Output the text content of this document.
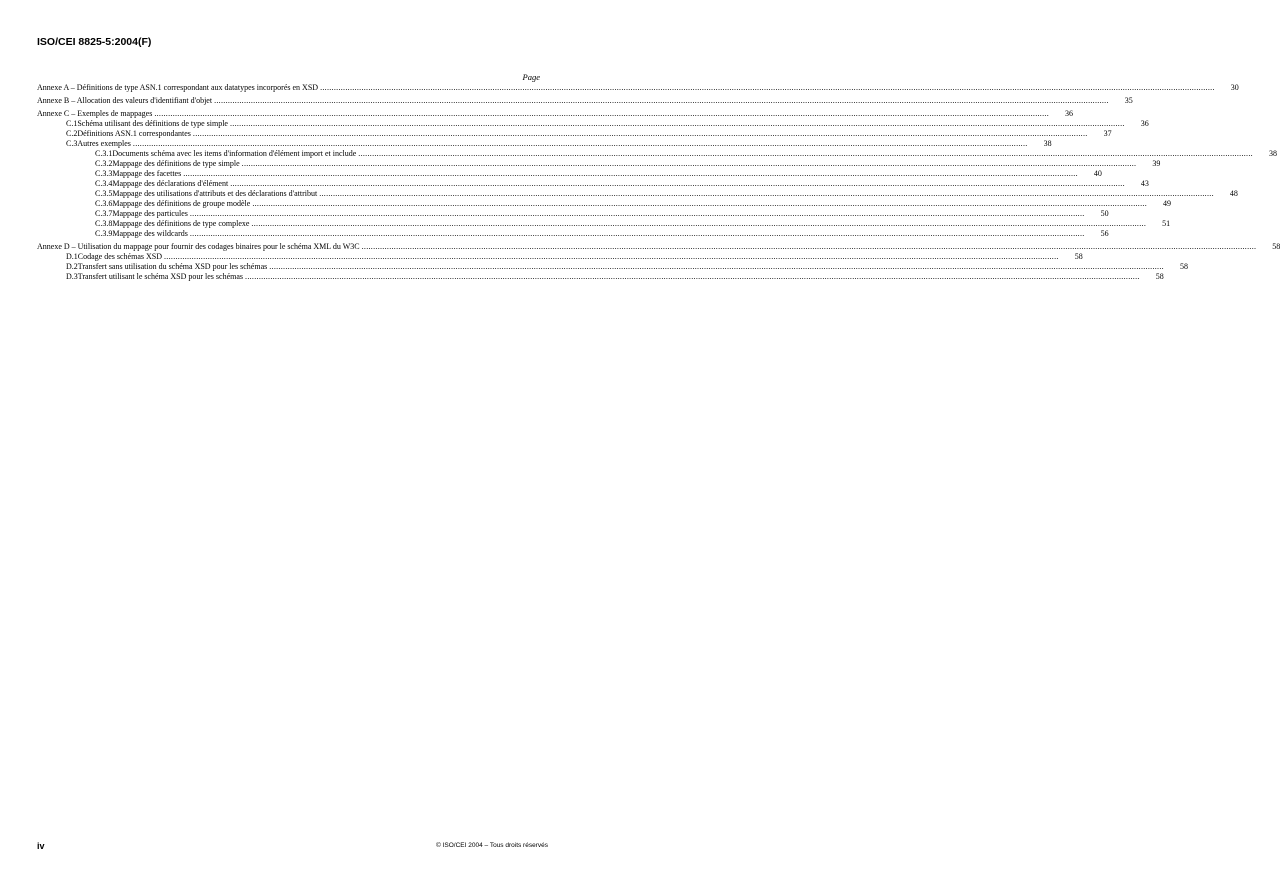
ISO/CEI 8825-5:2004(F)
Page
Annexe A – Définitions de type ASN.1 correspondant aux datatypes incorporés en XSD .....	30
Annexe B – Allocation des valeurs d'identifiant d'objet .....	35
Annexe C – Exemples de mappages .....	36
C.1 Schéma utilisant des définitions de type simple .....	36
C.2 Définitions ASN.1 correspondantes .....	37
C.3 Autres exemples .....	38
C.3.1 Documents schéma avec les items d'information d'élément import et include .....	38
C.3.2 Mappage des définitions de type simple .....	39
C.3.3 Mappage des facettes .....	40
C.3.4 Mappage des déclarations d'élément .....	43
C.3.5 Mappage des utilisations d'attributs et des déclarations d'attribut .....	48
C.3.6 Mappage des définitions de groupe modèle .....	49
C.3.7 Mappage des particules .....	50
C.3.8 Mappage des définitions de type complexe .....	51
C.3.9 Mappage des wildcards .....	56
Annexe D – Utilisation du mappage pour fournir des codages binaires pour le schéma XML du W3C .....	58
D.1 Codage des schémas XSD .....	58
D.2 Transfert sans utilisation du schéma XSD pour les schémas .....	58
D.3 Transfert utilisant le schéma XSD pour les schémas .....	58
iv	© ISO/CEI 2004 – Tous droits réservés
